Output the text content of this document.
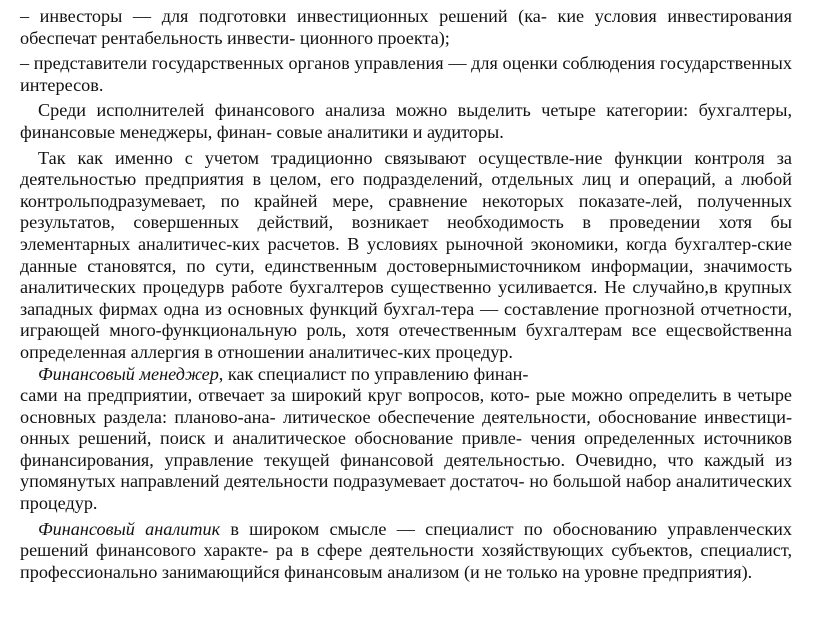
– инвесторы — для подготовки инвестиционных решений (ка- кие условия инвестирования обеспечат рентабельность инвести- ционного проекта);

– представители государственных органов управления — для оценки соблюдения государственных интересов.

Среди исполнителей финансового анализа можно выделить четыре категории: бухгалтеры, финансовые менеджеры, финан- совые аналитики и аудиторы.

Так как именно с учетом традиционно связывают осуществле-ние функции контроля за деятельностью предприятия в целом, его подразделений, отдельных лиц и операций, а любой контрольподразумевает, по крайней мере, сравнение некоторых показате-лей, полученных результатов, совершенных действий, возникает необходимость в проведении хотя бы элементарных аналитичес-ких расчетов. В условиях рыночной экономики, когда бухгалтер-ские данные становятся, по сути, единственным достовернымисточником информации, значимость аналитических процедурв работе бухгалтеров существенно усиливается. Не случайно,в крупных западных фирмах одна из основных функций бухгал-тера — составление прогнозной отчетности, играющей много-функциональную роль, хотя отечественным бухгалтерам все ещесвойственна определенная аллергия в отношении аналитичес-ких процедур.

Финансовый менеджер, как специалист по управлению финан-

сами на предприятии, отвечает за широкий круг вопросов, кото- рые можно определить в четыре основных раздела: планово-ана- литическое обеспечение деятельности, обоснование инвестици- онных решений, поиск и аналитическое обоснование привле- чения определенных источников финансирования, управление текущей финансовой деятельностью. Очевидно, что каждый из упомянутых направлений деятельности подразумевает достаточ- но большой набор аналитических процедур.

Финансовый аналитик в широком смысле — специалист по обоснованию управленческих решений финансового характе- ра в сфере деятельности хозяйствующих субъектов, специалист, профессионально занимающийся финансовым анализом (и не только на уровне предприятия).
